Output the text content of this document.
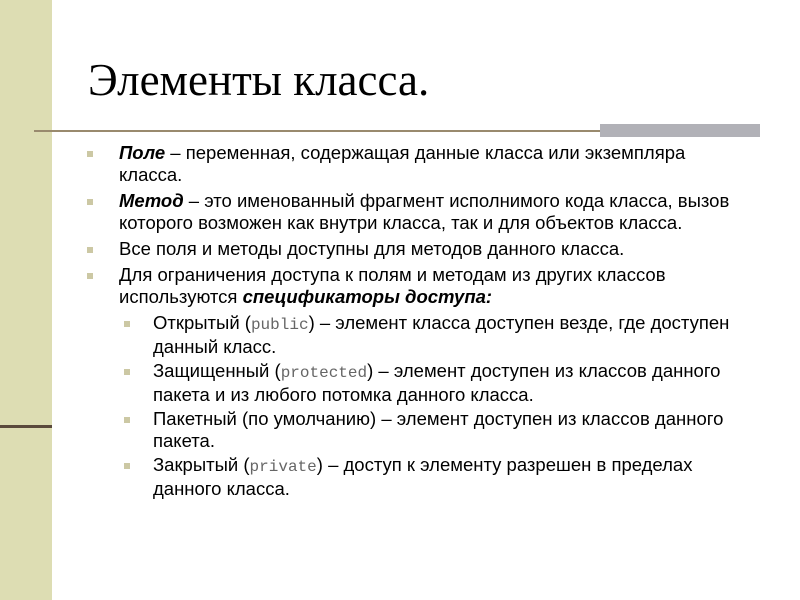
Элементы класса.
Поле – переменная, содержащая данные класса или экземпляра класса.
Метод – это именованный фрагмент исполнимого кода класса, вызов которого возможен как внутри класса, так и для объектов класса.
Все поля и методы доступны для методов данного класса.
Для ограничения доступа к полям и методам из других классов используются спецификаторы доступа:
Открытый (public) – элемент класса доступен везде, где доступен данный класс.
Защищенный (protected) – элемент доступен из классов данного пакета и из любого потомка данного класса.
Пакетный (по умолчанию) – элемент доступен из классов данного пакета.
Закрытый (private) – доступ к элементу разрешен в пределах данного класса.
